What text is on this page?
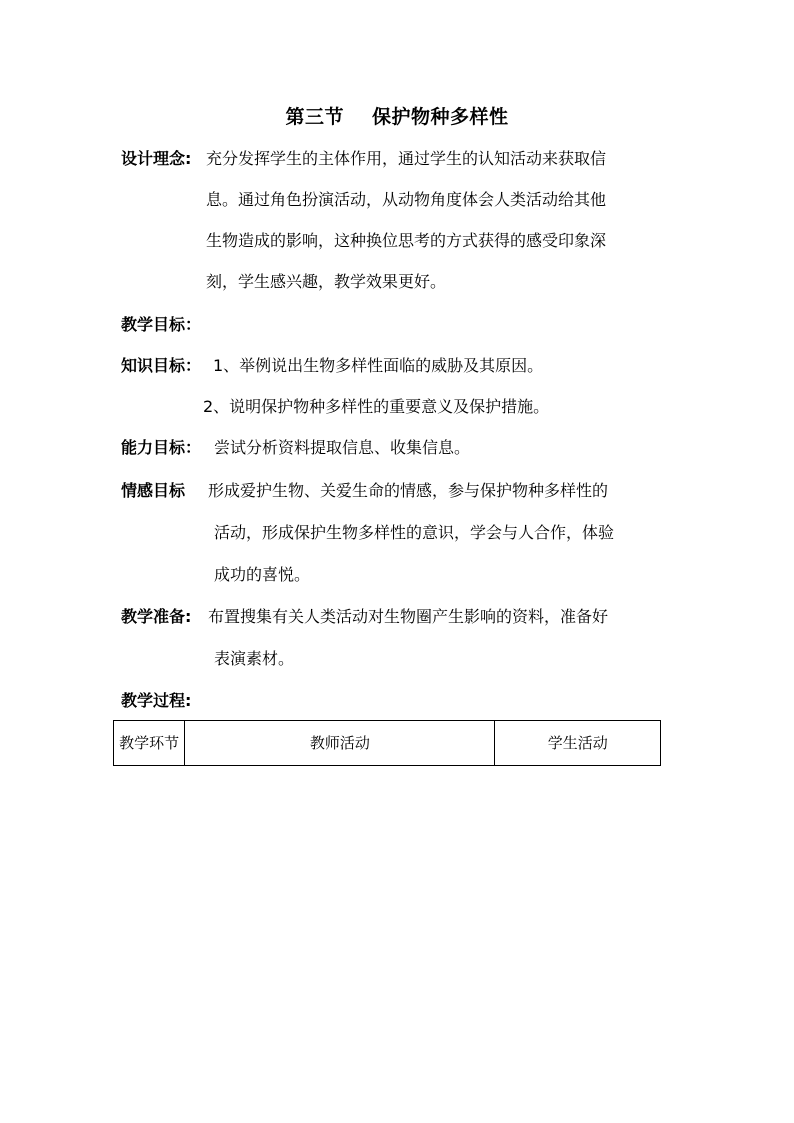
第三节 保护物种多样性
设计理念: 充分发挥学生的主体作用，通过学生的认知活动来获取信
息。通过角色扮演活动，从动物角度体会人类活动给其他
生物造成的影响，这种换位思考的方式获得的感受印象深
刻，学生感兴趣，教学效果更好。
教学目标：
知识目标： 1、举例说出生物多样性面临的威胁及其原因。
2、说明保护物种多样性的重要意义及保护措施。
能力目标： 尝试分析资料提取信息、收集信息。
情感目标 形成爱护生物、关爱生命的情感，参与保护物种多样性的
活动，形成保护生物多样性的意识，学会与人合作，体验
成功的喜悦。
教学准备: 布置搜集有关人类活动对生物圈产生影响的资料，准备好
表演素材。
教学过程:
教学环节	教师活动	学生活动
